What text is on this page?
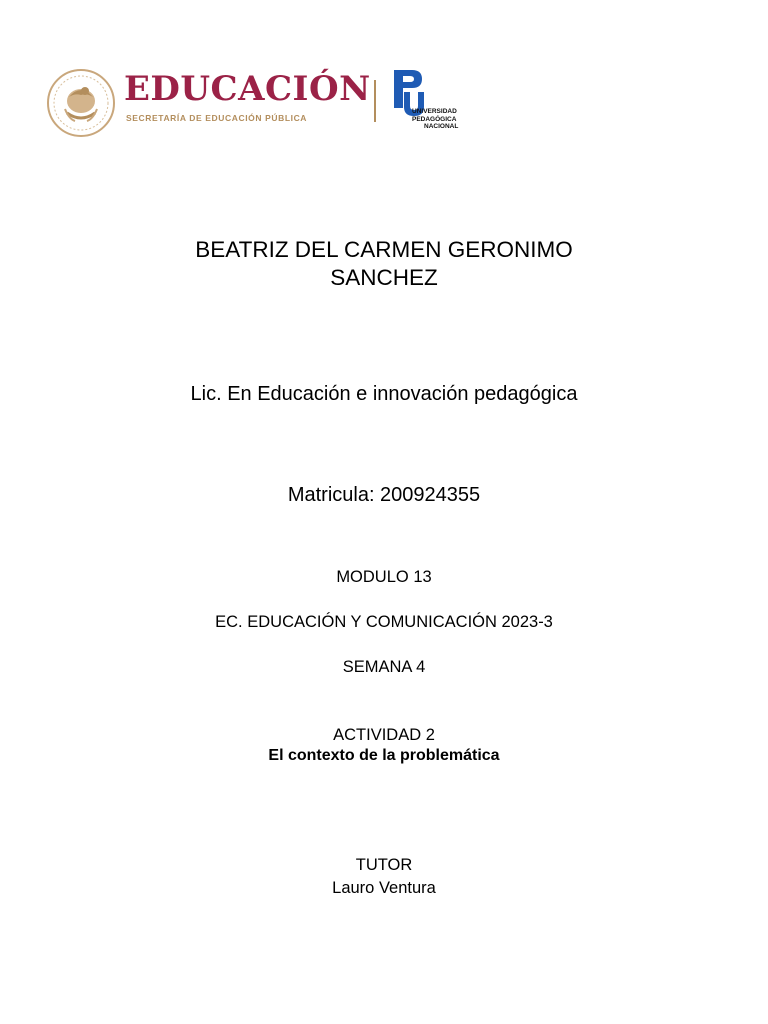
EDUCACIÓN
SECRETARÍA DE EDUCACIÓN PÚBLICA
UNIVERSIDAD
PEDAGÓGICA
NACIONAL
BEATRIZ DEL CARMEN GERONIMO
SANCHEZ
Lic. En Educación e innovación pedagógica
Matricula: 200924355
MODULO 13
EC. EDUCACIÓN Y COMUNICACIÓN 2023-3
SEMANA 4
ACTIVIDAD 2
El contexto de la problemática
TUTOR
Lauro Ventura
